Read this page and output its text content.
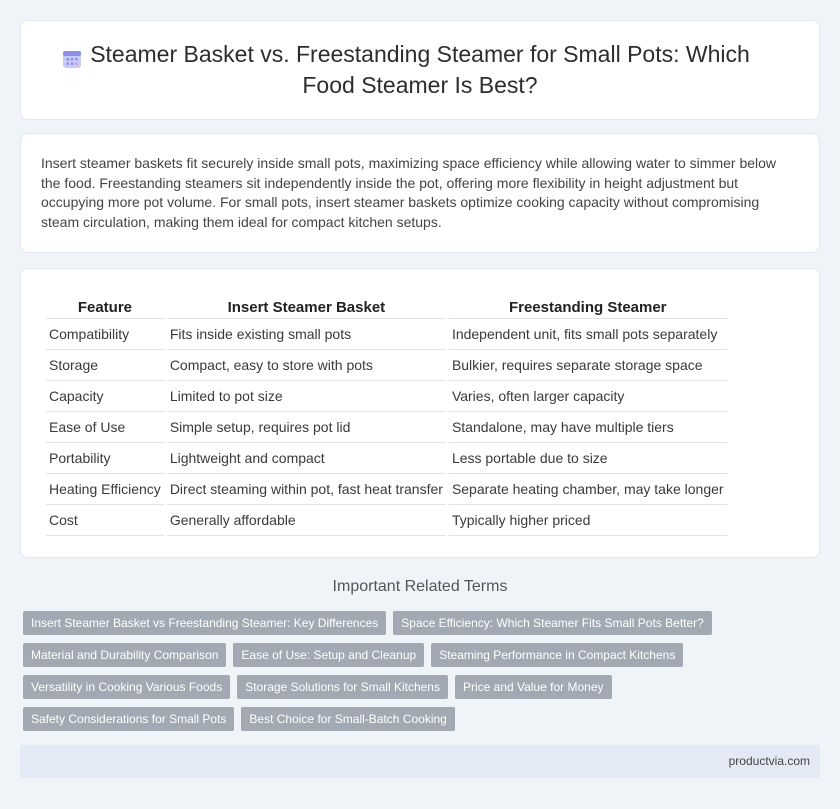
Steamer Basket vs. Freestanding Steamer for Small Pots: Which Food Steamer Is Best?

Insert steamer baskets fit securely inside small pots, maximizing space efficiency while allowing water to simmer below the food. Freestanding steamers sit independently inside the pot, offering more flexibility in height adjustment but occupying more pot volume. For small pots, insert steamer baskets optimize cooking capacity without compromising steam circulation, making them ideal for compact kitchen setups.

Feature	Insert Steamer Basket	Freestanding Steamer
Compatibility	Fits inside existing small pots	Independent unit, fits small pots separately
Storage	Compact, easy to store with pots	Bulkier, requires separate storage space
Capacity	Limited to pot size	Varies, often larger capacity
Ease of Use	Simple setup, requires pot lid	Standalone, may have multiple tiers
Portability	Lightweight and compact	Less portable due to size
Heating Efficiency	Direct steaming within pot, fast heat transfer	Separate heating chamber, may take longer
Cost	Generally affordable	Typically higher priced
Important Related Terms
Insert Steamer Basket vs Freestanding Steamer: Key Differences	Space Efficiency: Which Steamer Fits Small Pots Better?
Material and Durability Comparison	Ease of Use: Setup and Cleanup	Steaming Performance in Compact Kitchens
Versatility in Cooking Various Foods	Storage Solutions for Small Kitchens	Price and Value for Money
Safety Considerations for Small Pots	Best Choice for Small-Batch Cooking
productvia.com
